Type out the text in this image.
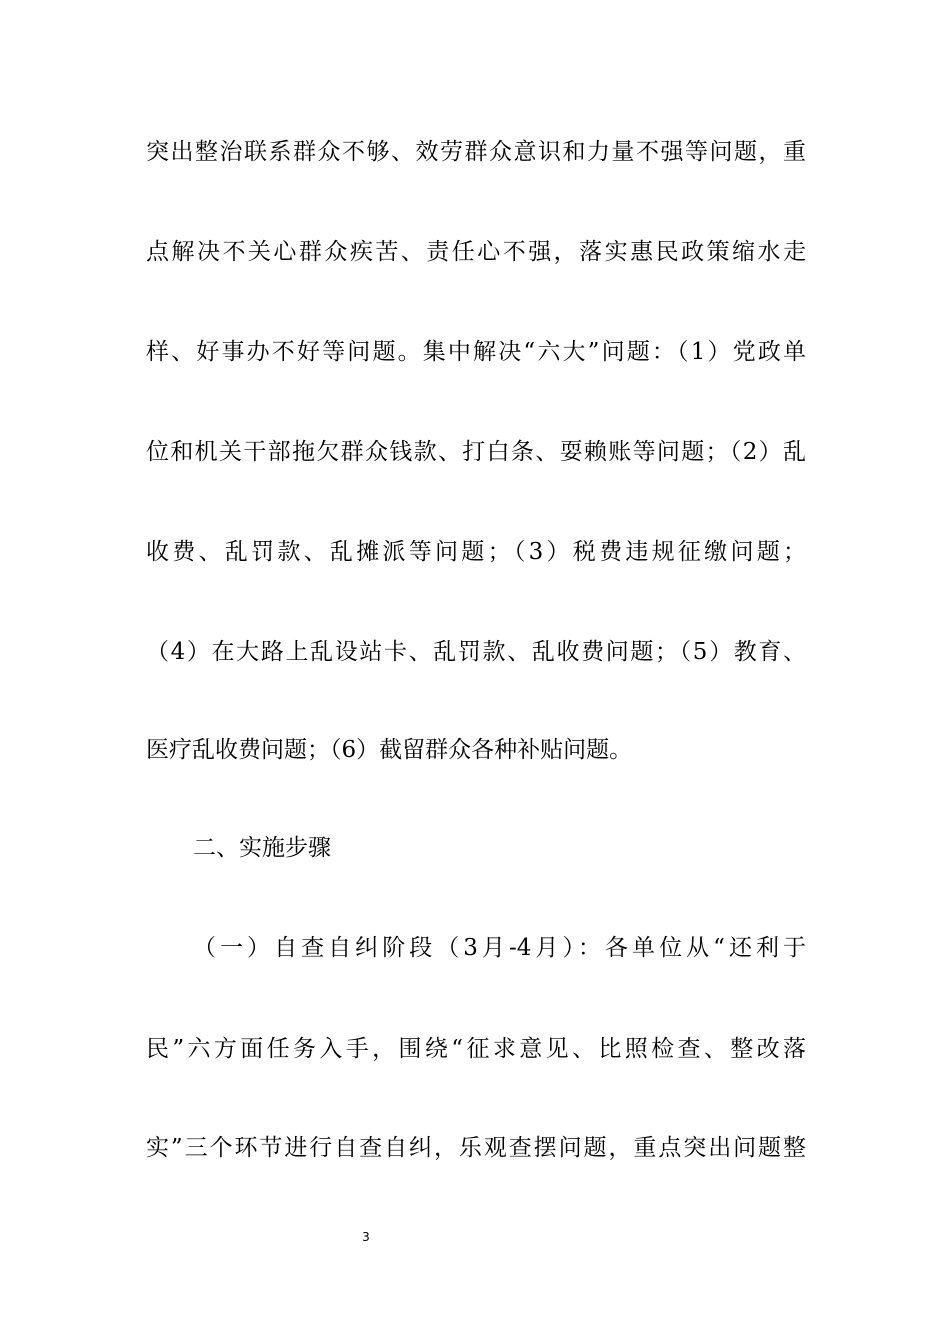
突出整治联系群众不够、效劳群众意识和力量不强等问题，重
点解决不关心群众疾苦、责任心不强，落实惠民政策缩水走
样、好事办不好等问题。集中解决“六大”问题：（1）党政单
位和机关干部拖欠群众钱款、打白条、耍赖账等问题；（2）乱
收费、乱罚款、乱摊派等问题；（3）税费违规征缴问题；
（4）在大路上乱设站卡、乱罚款、乱收费问题；（5）教育、
医疗乱收费问题；（6）截留群众各种补贴问题。
二、实施步骤
（一）自查自纠阶段（3月-4月）：各单位从“还利于
民”六方面任务入手，围绕“征求意见、比照检查、整改落
实”三个环节进行自查自纠，乐观查摆问题，重点突出问题整
3
